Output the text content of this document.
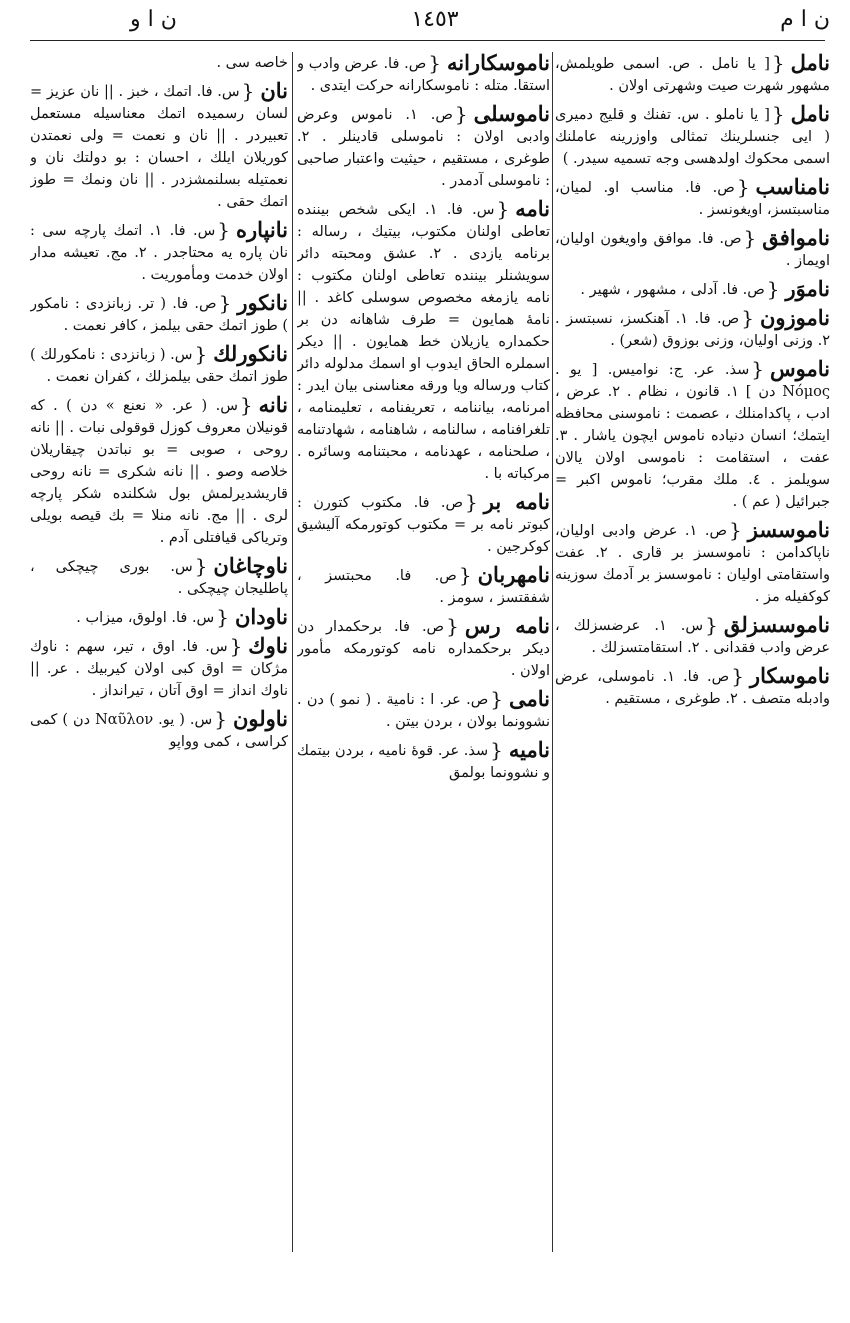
ن ا و	١٤٥٣	ن ا م

نامل{[ يا نامل . ص. اسمى طويلمش، مشهور شهرت صيت وشهرتى اولان .

نامل{[ يا ناملو . س. تفنك و قليج دميرى ( ايى جنسلرينك تمثالى واوزرينه عاملنك اسمى محكوك اولدهسى وجه تسميه سيدر. )

نامناسب{ص. فا. مناسب او. لميان، مناسبتسز، اويغونسز .

ناموافق{ص. فا. موافق واويغون اوليان، اويماز .

ناموَر{ص. فا. آدلى ، مشهور ، شهير .

ناموزون{ص. فا. ١. آهنكسز، نسبتسز . ٢. وزنى اوليان، وزنى بوزوق (شعر) .

ناموس{سذ. عر. ج: نواميس. [ يو . Νόμος دن ] ١. قانون ، نظام . ٢. عرض ، ادب ، پاكدامنلك ، عصمت : ناموسنى محافظه ايتمك؛ انسان دنياده ناموس ايچون ياشار . ٣. عفت ، استقامت : ناموسى اولان يالان سويلمز . ٤. ملك مقرب؛ ناموس اكبر = جبرائيل ( عم ) .

ناموسسز{ص. ١. عرض وادبى اوليان، ناپاكدامن : ناموسسز بر قارى . ٢. عفت واستقامتى اوليان : ناموسسز بر آدمك سوزينه كوكفيله مز .

ناموسسزلق{س. ١. عرضسزلك ، عرض وادب فقدانى . ٢. استقامتسزلك .

ناموسكار{ص. فا. ١. ناموسلى، عرض وادبله متصف . ٢. طوغرى ، مستقيم .

ناموسكارانه{ص. فا. عرض وادب و استقا. متله : ناموسكارانه حركت ايتدى .

ناموسلى{ص. ١. ناموس وعرض وادبى اولان : ناموسلى قادينلر . ٢. طوغرى ، مستقيم ، حيثيت واعتبار صاحبى : ناموسلى آدمدر .

نامه{س. فا. ١. ايكى شخص بيننده تعاطى اولنان مكتوب، بيتيك ، رساله : برنامه يازدى . ٢. عشق ومحبته دائر سويشنلر بيننده تعاطى اولنان مكتوب : نامه يازمغه مخصوص سوسلى كاغد . || نامهٔ همايون = طرف شاهانه دن بر حكمداره يازيلان خط همايون . || ديكر اسملره الحاق ايدوب او اسمك مدلوله دائر كتاب ورساله ويا ورقه معناسنى بيان ايدر : امرنامه، بياننامه ، تعريفنامه ، تعليمنامه ، تلغرافنامه ، سالنامه ، شاهنامه ، شهادتنامه ، صلحنامه ، عهدنامه ، محبتنامه وسائره . مركباته با .

نامه بر{ص. فا. مكتوب كتورن : كبوتر نامه بر = مكتوب كوتورمكه آليشيق كوكرجين .

نامهربان{ص. فا. محبتسز ، شفقتسز ، سومز .

نامه رس{ص. فا. برحكمدار دن ديكر برحكمداره نامه كوتورمكه مأمور اولان .

نامى{ص. عر. ا : نامية . ( نمو ) دن . نشوونما بولان ، بردن بيتن .

ناميه{سذ. عر. قوهٔ ناميه ، بردن بيتمك و نشوونما بولمق

خاصه سى .

نان{س. فا. اتمك ، خبز . || نان عزيز = لسان رسميده اتمك معناسيله مستعمل تعبيردر . || نان و نعمت = ولى نعمتدن كوريلان ايلك ، احسان : بو دولتك نان و نعمتيله بسلنمشزدر . || نان ونمك = طوز اتمك حقى .

نانپاره{س. فا. ١. اتمك پارچه سى : نان پاره يه محتاجدر . ٢. مج. تعيشه مدار اولان خدمت ومأموريت .

نانكور{ص. فا. ( تر. زبانزدى : نامكور ) طوز اتمك حقى بيلمز ، كافر نعمت .

نانكورلك{س. ( زبانزدى : نامكورلك ) طوز اتمك حقى بيلمزلك ، كفران نعمت .

نانه{س. ( عر. « نعنع » دن ) . كه قونيلان معروف كوزل قوقولى نبات . || نانه روحى ، صوبى = بو نباتدن چيقاريلان خلاصه وصو . || نانه شكرى = نانه روحى قاريشديرلمش بول شكلنده شكر پارچه لرى . || مج. نانه منلا = بك قيصه بويلى وترياكى قيافتلى آدم .

ناوچاغان{س. بورى چيچكى ، پاطليجان چيچكى .

ناودان{س. فا. اولوق، ميزاب .

ناوك{س. فا. اوق ، تير، سهم : ناوك مژكان = اوق كبى اولان كيربيك . عر. || ناوك انداز = اوق آتان ، تيرانداز .

ناولون{س. ( يو. Ναῦλον دن ) كمى كراسى ، كمى وواپو
